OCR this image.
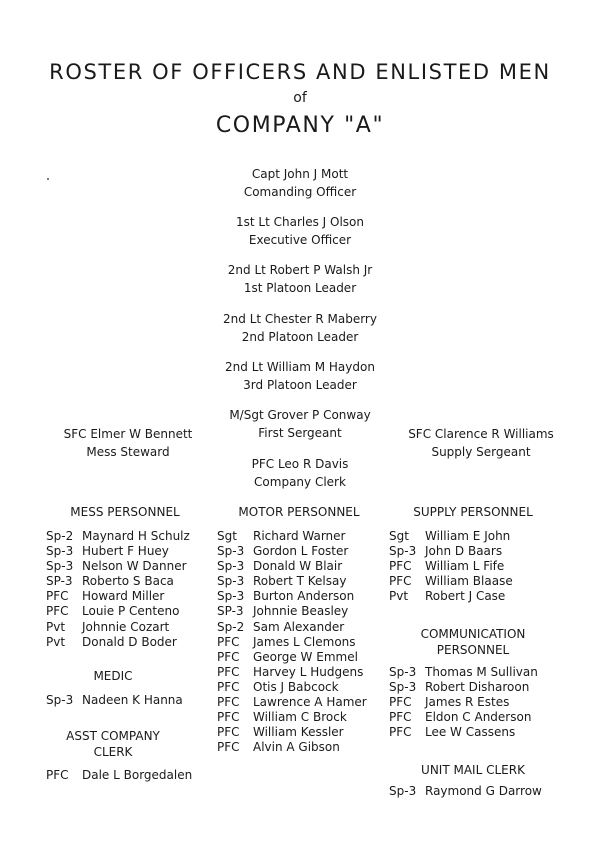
ROSTER OF OFFICERS AND ENLISTED MEN
of
COMPANY "A"
Capt John J Mott
Comanding Officer
1st Lt Charles J Olson
Executive Officer
2nd Lt Robert P Walsh Jr
1st Platoon Leader
2nd Lt Chester R Maberry
2nd Platoon Leader
2nd Lt William M Haydon
3rd Platoon Leader
M/Sgt Grover P Conway
First Sergeant
PFC Leo R Davis
Company Clerk
SFC Elmer W Bennett
Mess Steward
SFC Clarence R Williams
Supply Sergeant
MESS PERSONNEL
Sp-2 Maynard H Schulz
Sp-3 Hubert F Huey
Sp-3 Nelson W Danner
SP-3 Roberto S Baca
PFC	Howard Miller
PFC	Louie P Centeno
Pvt	Johnnie Cozart
Pvt	Donald D Boder
MEDIC
Sp-3 Nadeen K Hanna
ASST COMPANY
CLERK
PFC	Dale L Borgedalen
MOTOR PERSONNEL
Sgt	Richard Warner
Sp-3 Gordon L Foster
Sp-3 Donald W Blair
Sp-3 Robert T Kelsay
Sp-3 Burton Anderson
SP-3 Johnnie Beasley
Sp-2 Sam Alexander
PFC	James L Clemons
PFC	George W Emmel
PFC	Harvey L Hudgens
PFC	Otis J Babcock
PFC	Lawrence A Hamer
PFC	William C Brock
PFC	William Kessler
PFC	Alvin A Gibson
SUPPLY PERSONNEL
Sgt	William E John
Sp-3 John D Baars
PFC	William L Fife
PFC	William Blaase
Pvt	Robert J Case
COMMUNICATION
PERSONNEL
Sp-3 Thomas M Sullivan
Sp-3 Robert Disharoon
PFC	James R Estes
PFC	Eldon C Anderson
PFC	Lee W Cassens
UNIT MAIL CLERK
Sp-3 Raymond G Darrow
